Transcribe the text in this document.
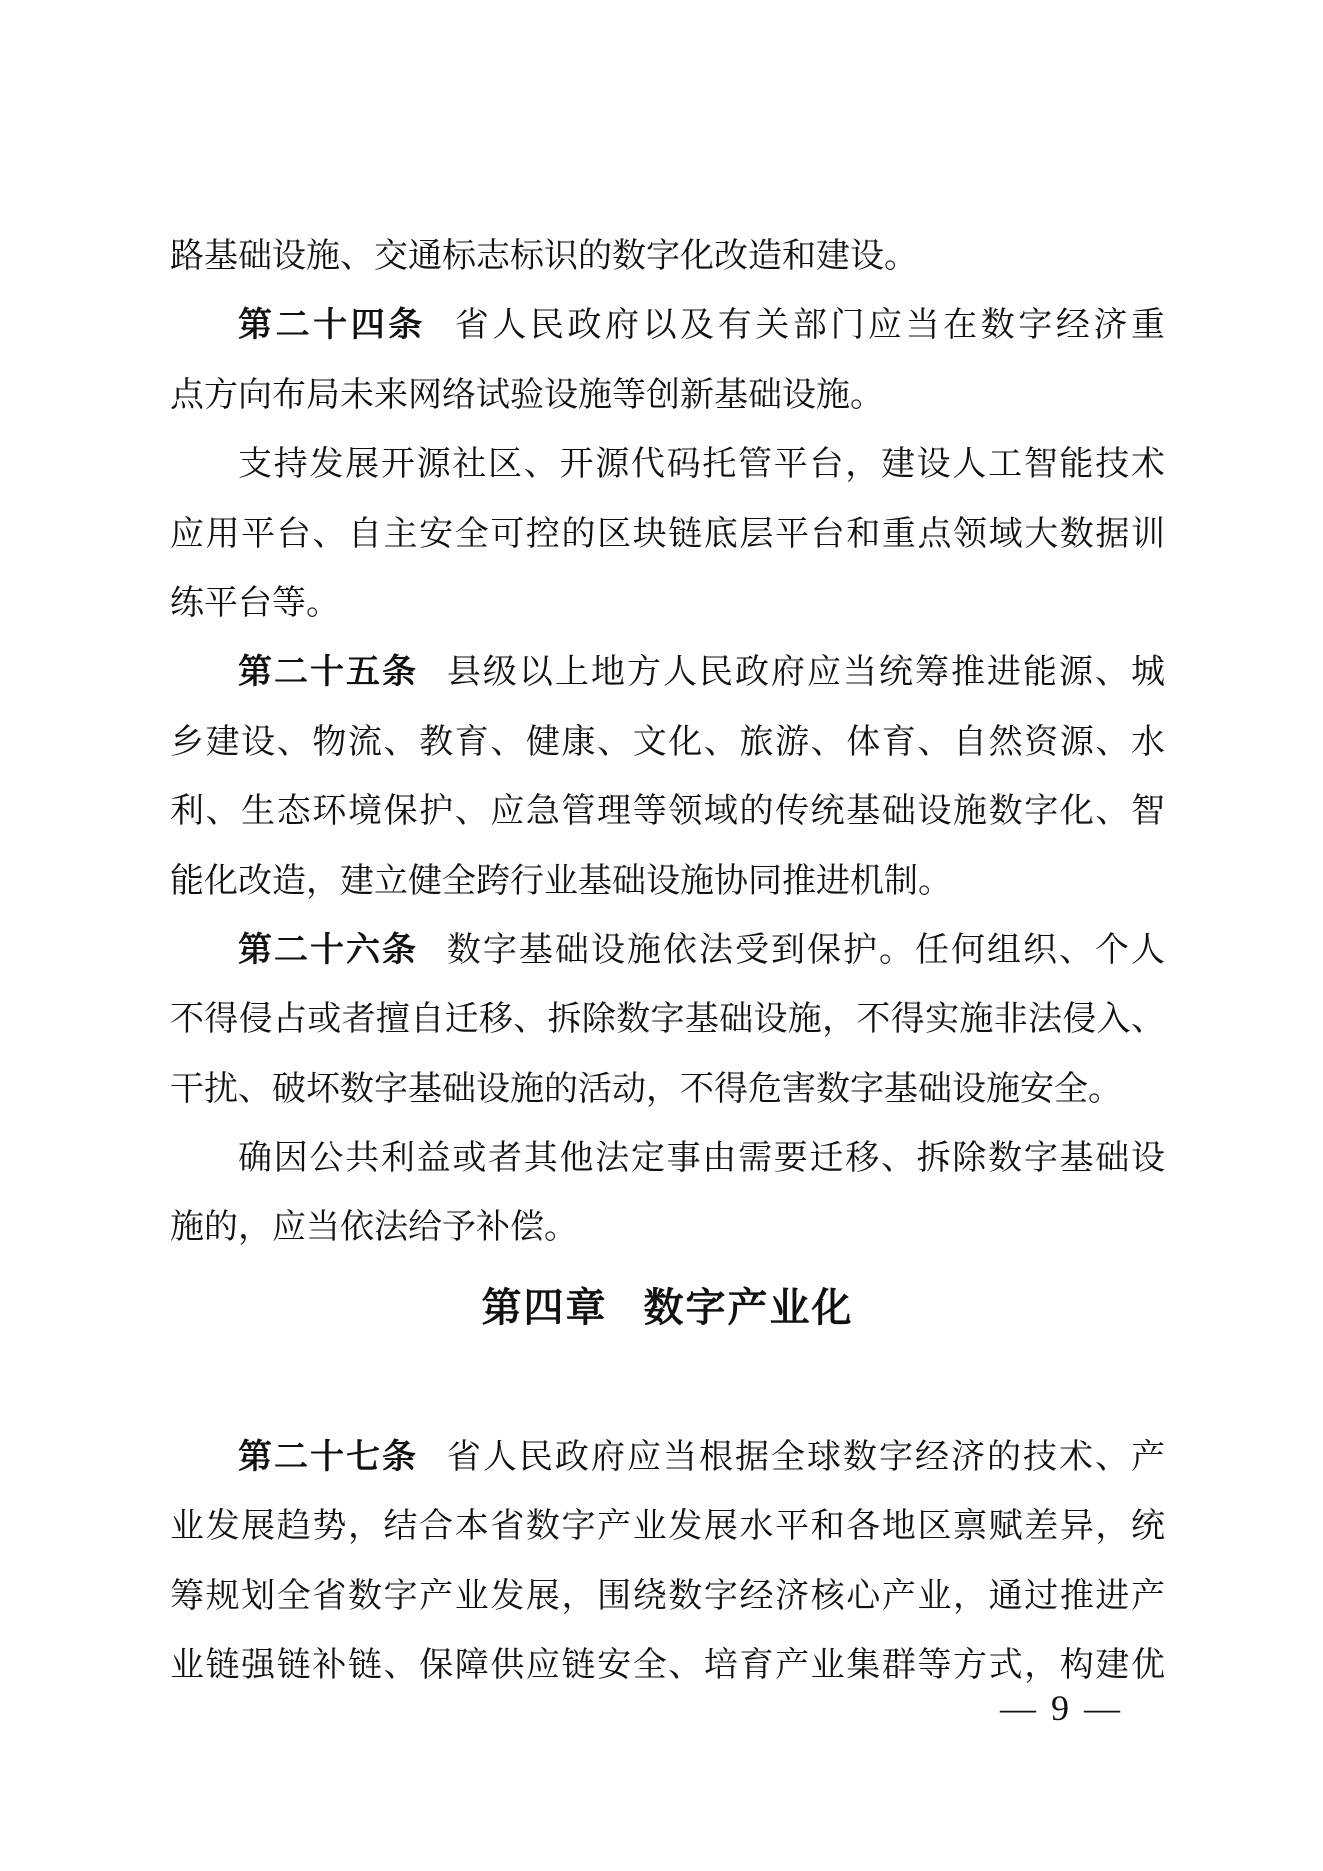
路基础设施、交通标志标识的数字化改造和建设。
第二十四条 省人民政府以及有关部门应当在数字经济重
点方向布局未来网络试验设施等创新基础设施。
支持发展开源社区、开源代码托管平台，建设人工智能技术
应用平台、自主安全可控的区块链底层平台和重点领域大数据训
练平台等。
第二十五条 县级以上地方人民政府应当统筹推进能源、城
乡建设、物流、教育、健康、文化、旅游、体育、自然资源、水
利、生态环境保护、应急管理等领域的传统基础设施数字化、智
能化改造，建立健全跨行业基础设施协同推进机制。
第二十六条 数字基础设施依法受到保护。任何组织、个人
不得侵占或者擅自迁移、拆除数字基础设施，不得实施非法侵入、
干扰、破坏数字基础设施的活动，不得危害数字基础设施安全。
确因公共利益或者其他法定事由需要迁移、拆除数字基础设
施的，应当依法给予补偿。
第四章 数字产业化
第二十七条 省人民政府应当根据全球数字经济的技术、产
业发展趋势，结合本省数字产业发展水平和各地区禀赋差异，统
筹规划全省数字产业发展，围绕数字经济核心产业，通过推进产
业链强链补链、保障供应链安全、培育产业集群等方式，构建优
— 9 —
